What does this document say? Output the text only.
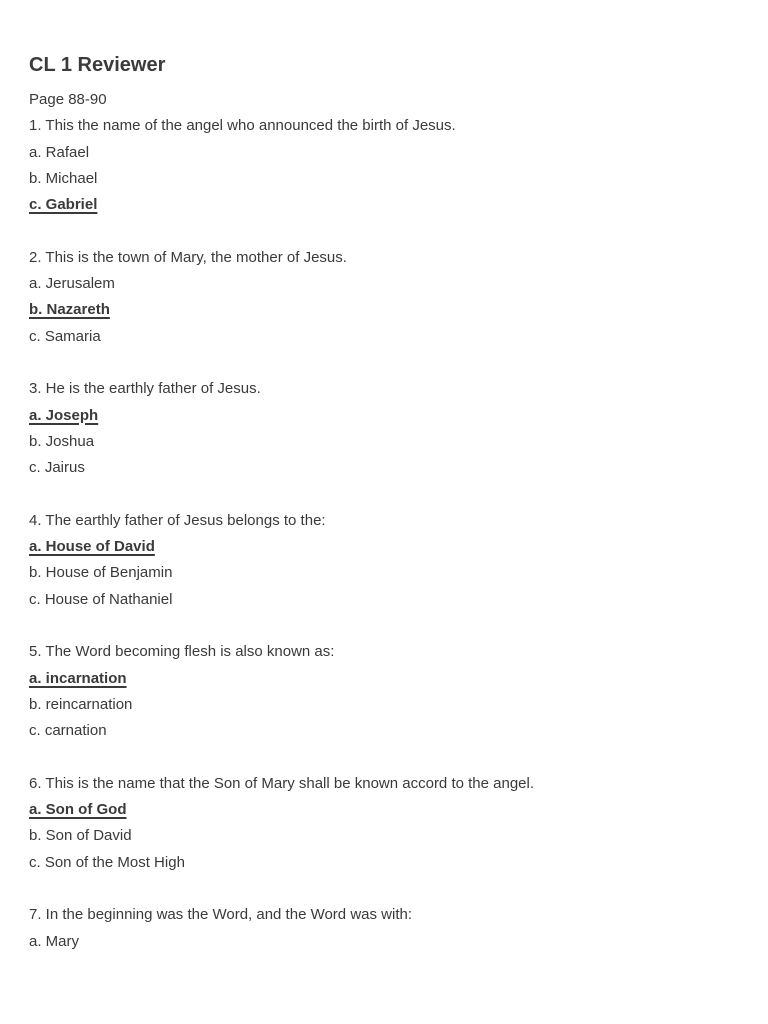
CL 1 Reviewer
Page 88-90
1. This the name of the angel who announced the birth of Jesus.
a. Rafael
b. Michael
c. Gabriel
2. This is the town of Mary, the mother of Jesus.
a. Jerusalem
b. Nazareth
c. Samaria
3. He is the earthly father of Jesus.
a. Joseph
b. Joshua
c. Jairus
4. The earthly father of Jesus belongs to the:
a. House of David
b. House of Benjamin
c. House of Nathaniel
5. The Word becoming flesh is also known as:
a. incarnation
b. reincarnation
c. carnation
6. This is the name that the Son of Mary shall be known accord to the angel.
a. Son of God
b. Son of David
c. Son of the Most High
7. In the beginning was the Word, and the Word was with:
a. Mary
